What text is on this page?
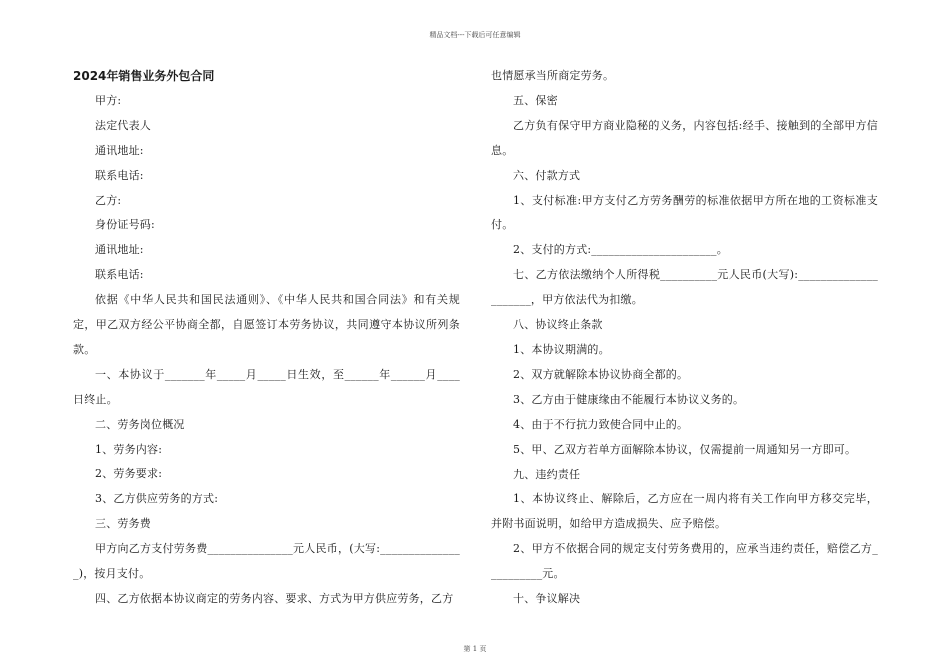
精品文档---下载后可任意编辑
2024年销售业务外包合同

甲方:

法定代表人

通讯地址:

联系电话:

乙方:

身份证号码:

通讯地址:

联系电话:

依据《中华人民共和国民法通则》、《中华人民共和国合同法》和有关规定，甲乙双方经公平协商全都，自愿签订本劳务协议，共同遵守本协议所列条款。

一、本协议于_______年_____月_____日生效，至______年______月____日终止。

二、劳务岗位概况

1、劳务内容:

2、劳务要求:

3、乙方供应劳务的方式:

三、劳务费

甲方向乙方支付劳务费_______________元人民币，(大写:_______________)，按月支付。

四、乙方依据本协议商定的劳务内容、要求、方式为甲方供应劳务，乙方

也情愿承当所商定劳务。

五、保密

乙方负有保守甲方商业隐秘的义务，内容包括:经手、接触到的全部甲方信息。

六、付款方式

1、支付标准:甲方支付乙方劳务酬劳的标准依据甲方所在地的工资标准支付。

2、支付的方式:______________________。

七、乙方依法缴纳个人所得税__________元人民币(大写):_____________________，甲方依法代为扣缴。

八、协议终止条款

1、本协议期满的。

2、双方就解除本协议协商全都的。

3、乙方由于健康缘由不能履行本协议义务的。

4、由于不行抗力致使合同中止的。

5、甲、乙双方若单方面解除本协议，仅需提前一周通知另一方即可。

九、违约责任

1、本协议终止、解除后，乙方应在一周内将有关工作向甲方移交完毕，并附书面说明，如给甲方造成损失、应予赔偿。

2、甲方不依据合同的规定支付劳务费用的，应承当违约责任，赔偿乙方__________元。

十、争议解决

第 1 页
